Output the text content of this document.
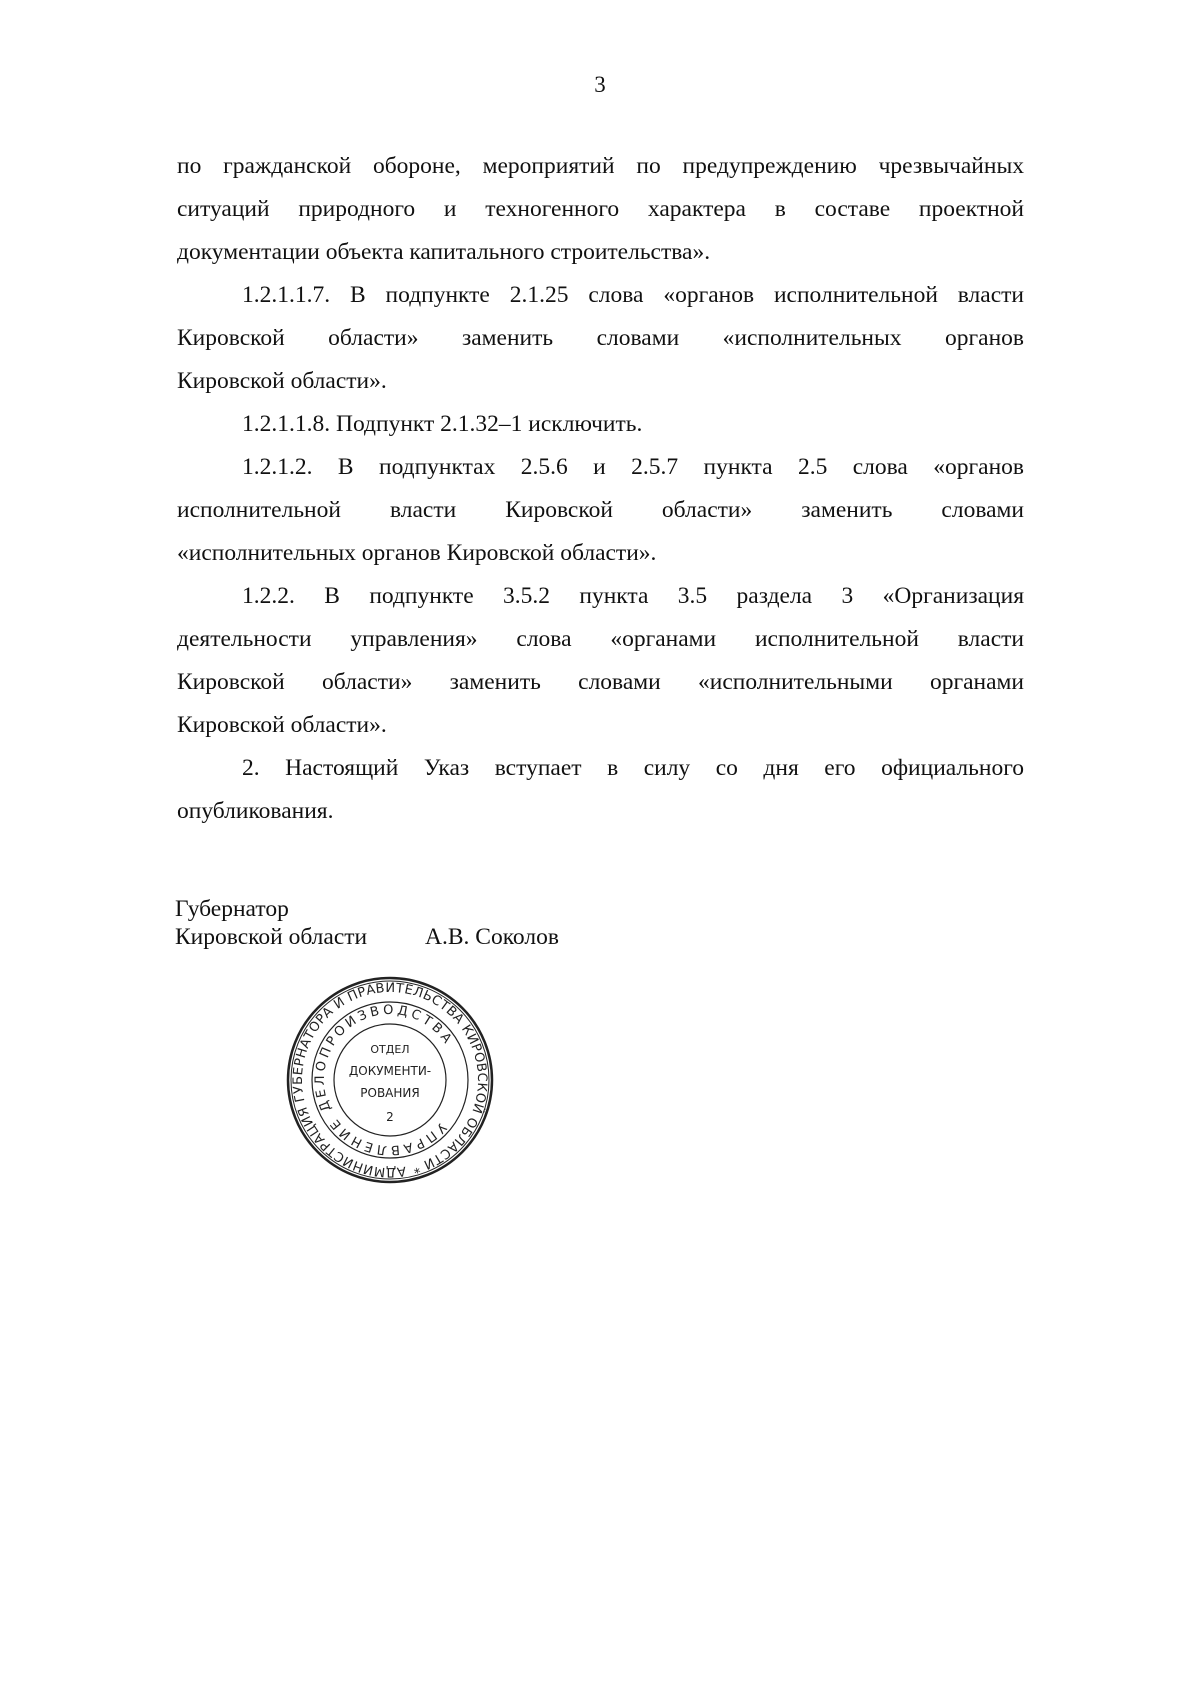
3
по гражданской обороне, мероприятий по предупреждению чрезвычайных
ситуаций природного и техногенного характера в составе проектной
документации объекта капитального строительства».
1.2.1.1.7. В подпункте 2.1.25 слова «органов исполнительной власти
Кировской области» заменить словами «исполнительных органов
Кировской области».
1.2.1.1.8. Подпункт 2.1.32–1 исключить.
1.2.1.2. В подпунктах 2.5.6 и 2.5.7 пункта 2.5 слова «органов
исполнительной власти Кировской области» заменить словами
«исполнительных органов Кировской области».
1.2.2. В подпункте 3.5.2 пункта 3.5 раздела 3 «Организация
деятельности управления» слова «органами исполнительной власти
Кировской области» заменить словами «исполнительными органами
Кировской области».
2. Настоящий Указ вступает в силу со дня его официального
опубликования.
Губернатор
Кировской области А.В. Соколов
АДМИНИСТРАЦИЯ ГУБЕРНАТОРА И ПРАВИТЕЛЬСТВА КИРОВСКОЙ ОБЛАСТИ *
УПРАВЛЕНИЕ ДЕЛОПРОИЗВОДСТВА
ОТДЕЛ
ДОКУМЕНТИ-
РОВАНИЯ
2
